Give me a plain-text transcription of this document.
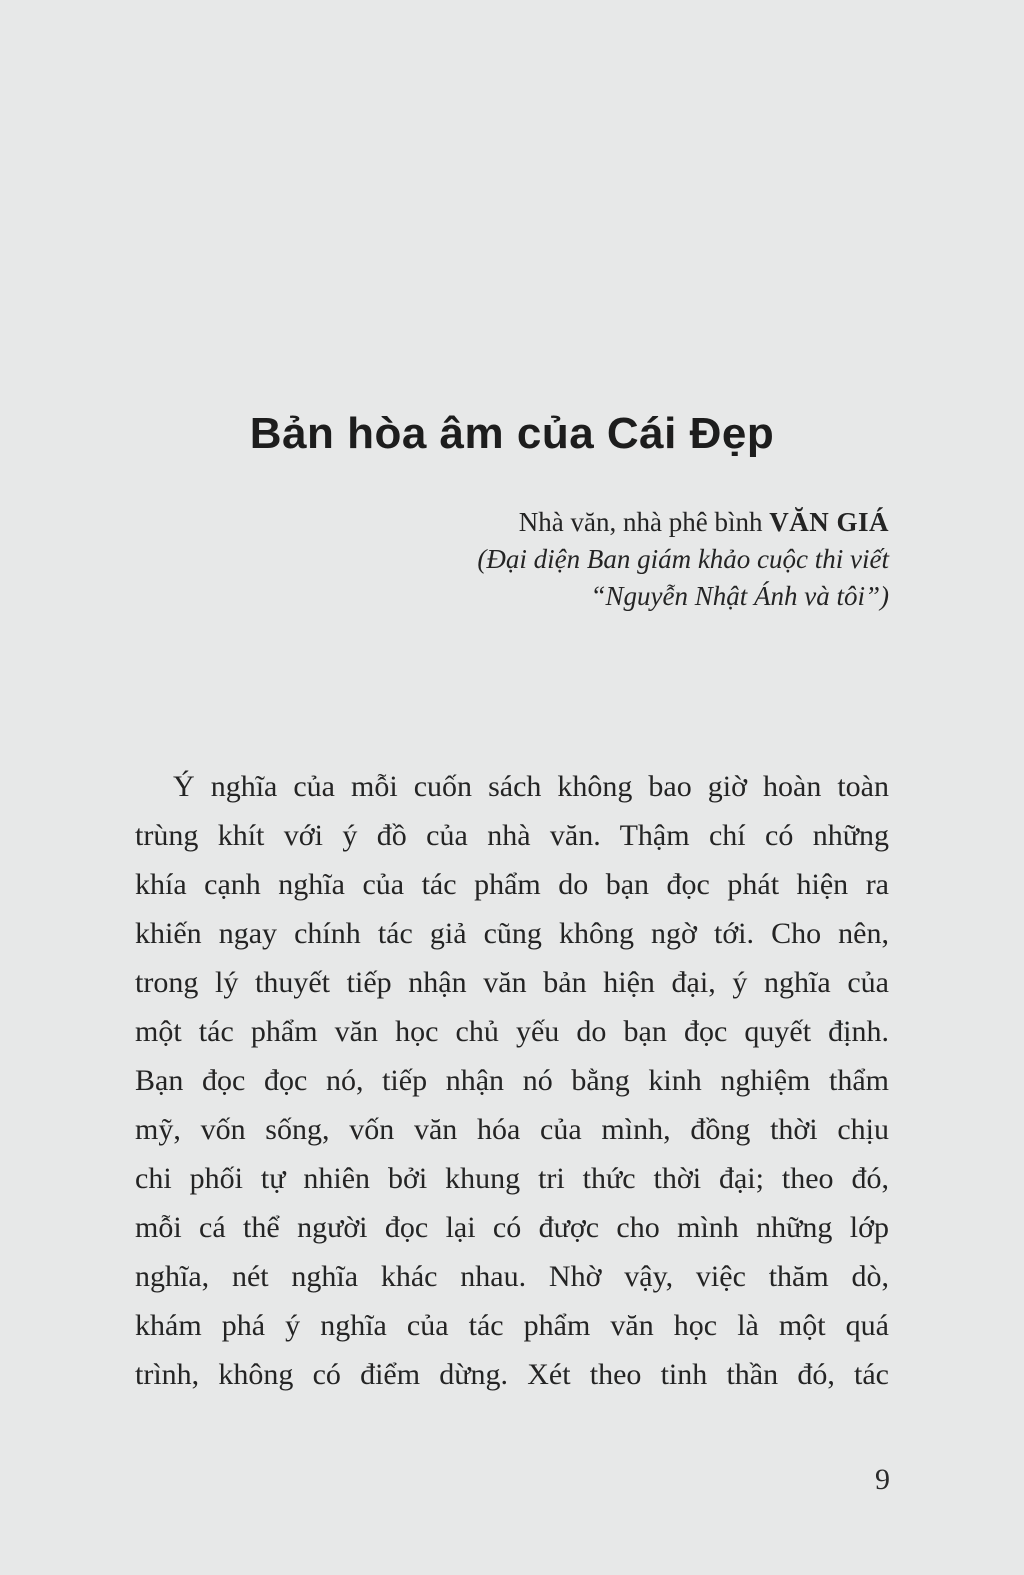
Bản hòa âm của Cái Đẹp
Nhà văn, nhà phê bình VĂN GIÁ
(Đại diện Ban giám khảo cuộc thi viết
“Nguyễn Nhật Ánh và tôi”)
Ý nghĩa của mỗi cuốn sách không bao giờ hoàn toàn
trùng khít với ý đồ của nhà văn. Thậm chí có những
khía cạnh nghĩa của tác phẩm do bạn đọc phát hiện ra
khiến ngay chính tác giả cũng không ngờ tới. Cho nên,
trong lý thuyết tiếp nhận văn bản hiện đại, ý nghĩa của
một tác phẩm văn học chủ yếu do bạn đọc quyết định.
Bạn đọc đọc nó, tiếp nhận nó bằng kinh nghiệm thẩm
mỹ, vốn sống, vốn văn hóa của mình, đồng thời chịu
chi phối tự nhiên bởi khung tri thức thời đại; theo đó,
mỗi cá thể người đọc lại có được cho mình những lớp
nghĩa, nét nghĩa khác nhau. Nhờ vậy, việc thăm dò,
khám phá ý nghĩa của tác phẩm văn học là một quá
trình, không có điểm dừng. Xét theo tinh thần đó, tác
9
